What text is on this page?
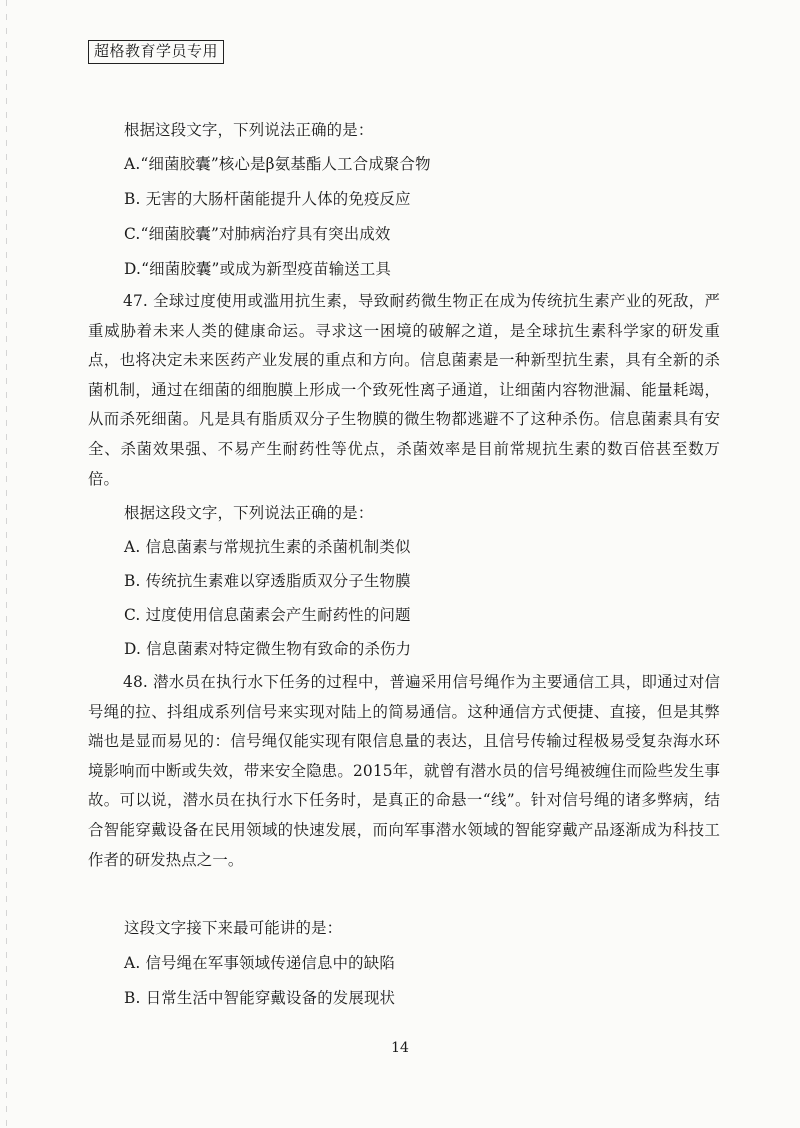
超格教育学员专用
根据这段文字，下列说法正确的是：
A.“细菌胶囊”核心是β氨基酯人工合成聚合物
B. 无害的大肠杆菌能提升人体的免疫反应
C.“细菌胶囊”对肺病治疗具有突出成效
D.“细菌胶囊”或成为新型疫苗输送工具
47. 全球过度使用或滥用抗生素，导致耐药微生物正在成为传统抗生素产业的死敌，严重威胁着未来人类的健康命运。寻求这一困境的破解之道，是全球抗生素科学家的研发重点，也将决定未来医药产业发展的重点和方向。信息菌素是一种新型抗生素，具有全新的杀菌机制，通过在细菌的细胞膜上形成一个致死性离子通道，让细菌内容物泄漏、能量耗竭，从而杀死细菌。凡是具有脂质双分子生物膜的微生物都逃避不了这种杀伤。信息菌素具有安全、杀菌效果强、不易产生耐药性等优点，杀菌效率是目前常规抗生素的数百倍甚至数万倍。
根据这段文字，下列说法正确的是：
A. 信息菌素与常规抗生素的杀菌机制类似
B. 传统抗生素难以穿透脂质双分子生物膜
C. 过度使用信息菌素会产生耐药性的问题
D. 信息菌素对特定微生物有致命的杀伤力
48. 潜水员在执行水下任务的过程中，普遍采用信号绳作为主要通信工具，即通过对信号绳的拉、抖组成系列信号来实现对陆上的简易通信。这种通信方式便捷、直接，但是其弊端也是显而易见的：信号绳仅能实现有限信息量的表达，且信号传输过程极易受复杂海水环境影响而中断或失效，带来安全隐患。2015年，就曾有潜水员的信号绳被缠住而险些发生事故。可以说，潜水员在执行水下任务时，是真正的命悬一“线”。针对信号绳的诸多弊病，结合智能穿戴设备在民用领域的快速发展，而向军事潜水领域的智能穿戴产品逐渐成为科技工作者的研发热点之一。
这段文字接下来最可能讲的是：
A. 信号绳在军事领域传递信息中的缺陷
B. 日常生活中智能穿戴设备的发展现状
14
